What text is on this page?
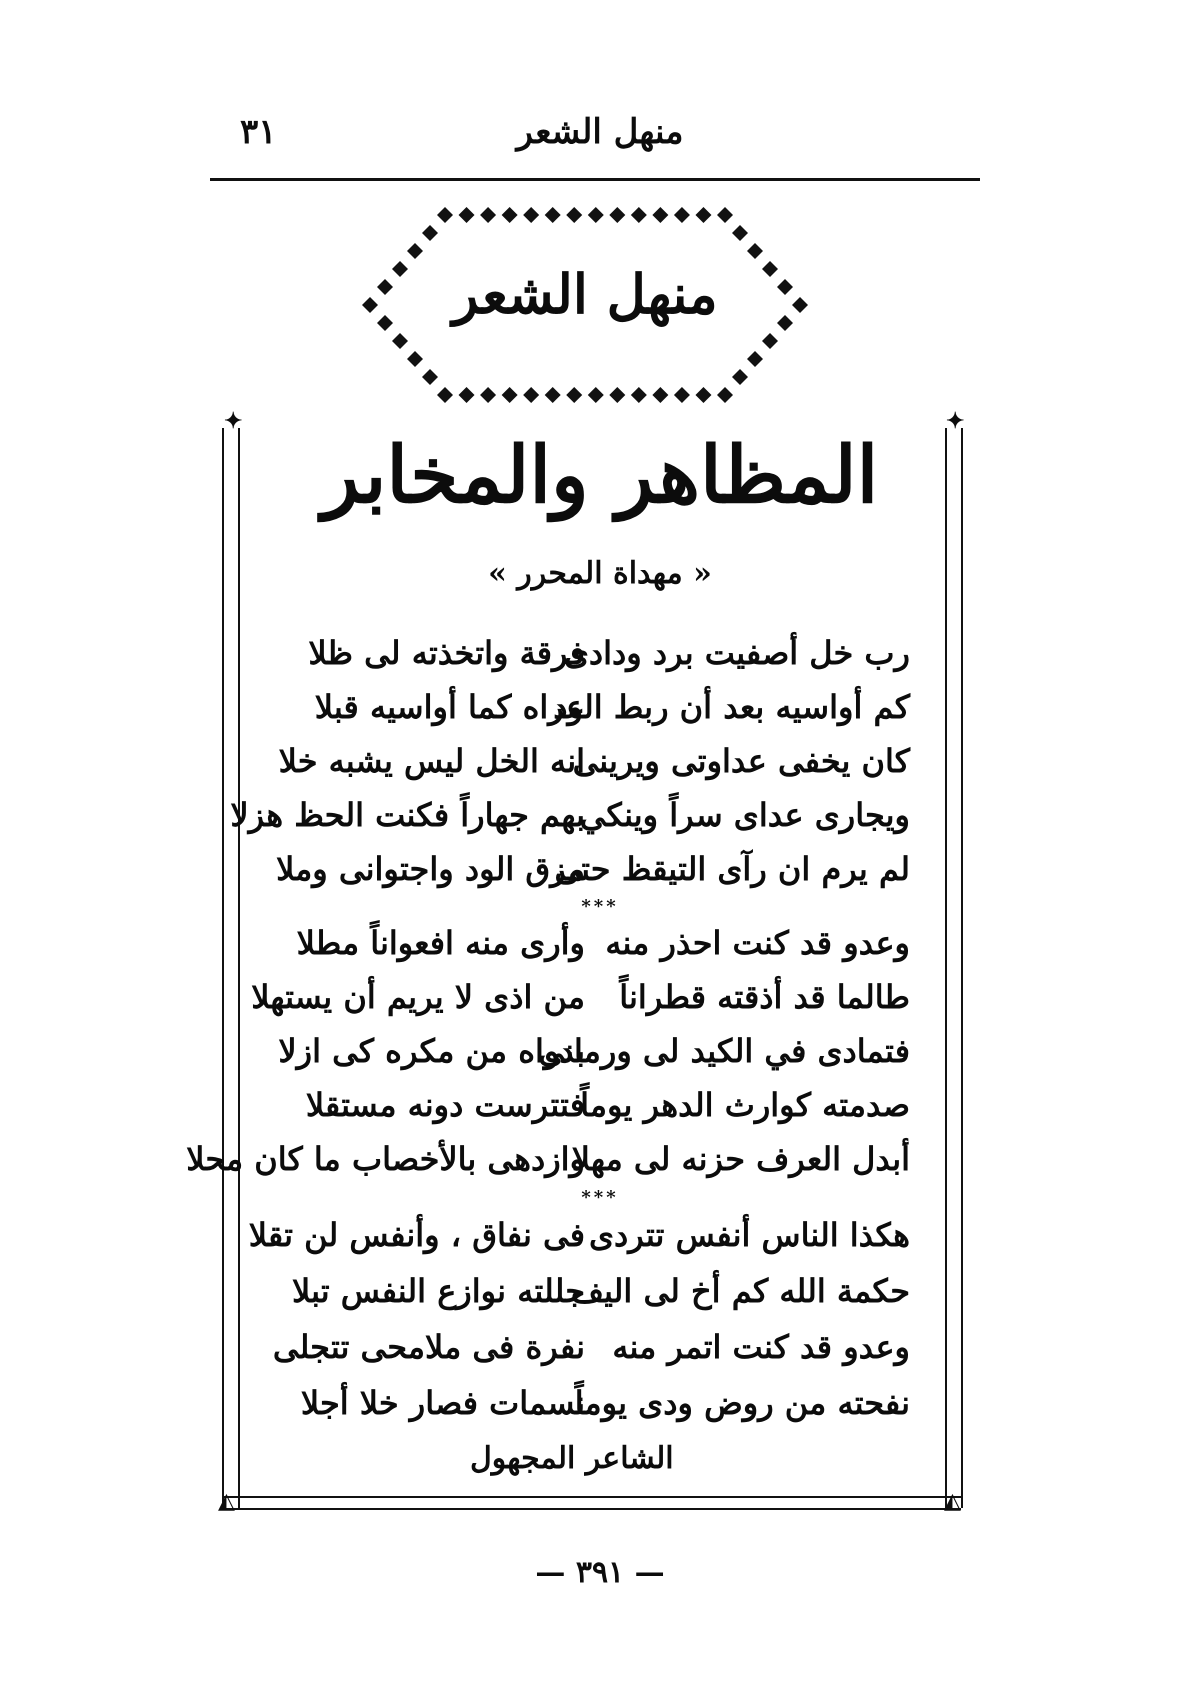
٣١	منهل الشعر
منهل الشعر
✦	✦
◭	◭
المظاهر والمخابر
« مهداة المحرر »
رب خل أصفيت برد ودادى
فرقة واتخذته لى ظلا
كم أواسيه بعد أن ربط الود
عراه كما أواسيه قبلا
كان يخفى عداوتى ويرينى
انه الخل ليس يشبه خلا
ويجارى عداى سراً وينكي
بهم جهاراً فكنت الحظ هزلا
لم يرم ان رآى التيقظ حتى
مزق الود واجتوانى وملا
***
وعدو قد كنت احذر منه
وأرى منه افعواناً مطلا
طالما قد أذقته قطراناً
من اذى لا يريم أن يستهلا
فتمادى في الكيد لى ورمانى
بدواه من مكره كى ازلا
صدمته كوارث الدهر يوماً
فتترست دونه مستقلا
أبدل العرف حزنه لى مهلا
وازدهى بالأخصاب ما كان محلا
***
هكذا الناس أنفس تتردى
فى نفاق ، وأنفس لن تقلا
حكمة الله كم أخ لى اليف
جللته نوازع النفس تبلا
وعدو قد كنت اتمر منه
نفرة فى ملامحى تتجلى
نفحته من روض ودى يوماً
نسمات فصار خلا أجلا
الشاعر المجهول
— ٣٩١ —
